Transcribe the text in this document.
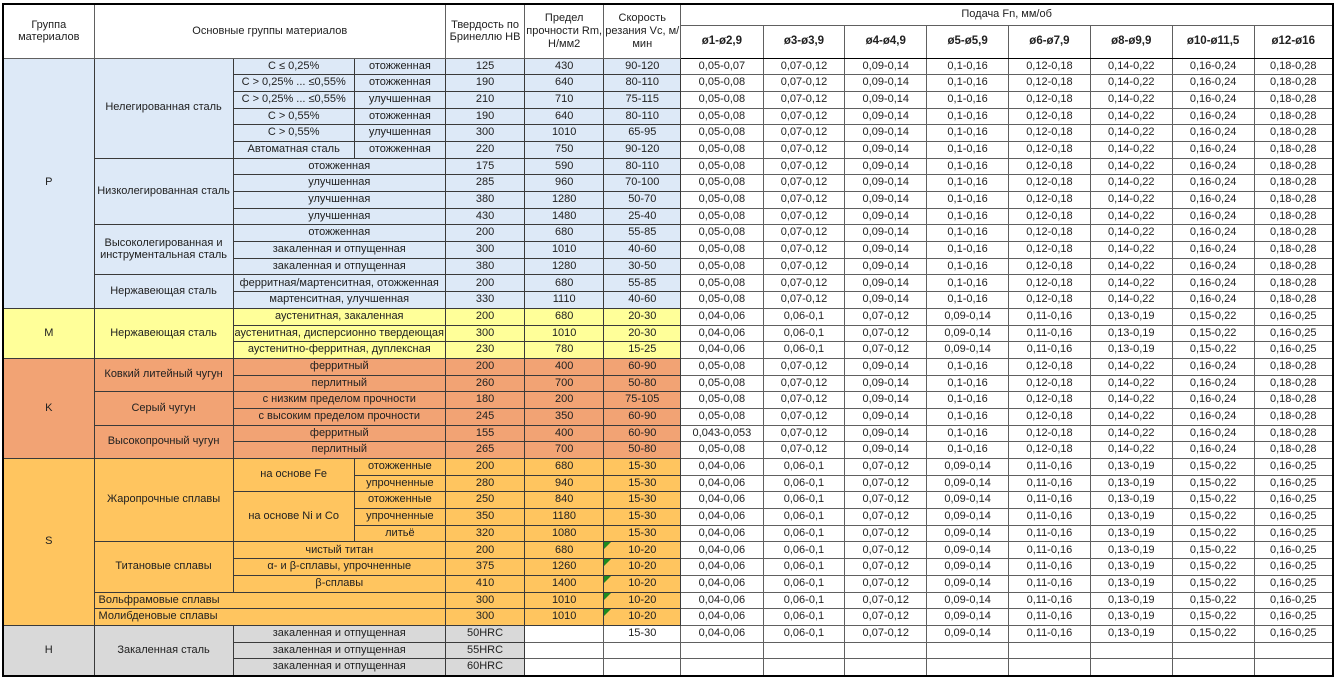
Группа материалов	Основные группы материалов			Твердость по Бринеллю НВ	Предел прочности Rm, Н/мм2	Скорость резания Vc, м/мин	Подача Fn, мм/об							
							ø1-ø2,9	ø3-ø3,9	ø4-ø4,9	ø5-ø5,9	ø6-ø7,9	ø8-ø9,9	ø10-ø11,5	ø12-ø16
P	Нелегированная сталь	C ≤ 0,25%	отожженная	125	430	90-120	0,05-0,07	0,07-0,12	0,09-0,14	0,1-0,16	0,12-0,18	0,14-0,22	0,16-0,24	0,18-0,28
		C > 0,25% ... ≤0,55%	отожженная	190	640	80-110	0,05-0,08	0,07-0,12	0,09-0,14	0,1-0,16	0,12-0,18	0,14-0,22	0,16-0,24	0,18-0,28
		C > 0,25% ... ≤0,55%	улучшенная	210	710	75-115	0,05-0,08	0,07-0,12	0,09-0,14	0,1-0,16	0,12-0,18	0,14-0,22	0,16-0,24	0,18-0,28
		C > 0,55%	отожженная	190	640	80-110	0,05-0,08	0,07-0,12	0,09-0,14	0,1-0,16	0,12-0,18	0,14-0,22	0,16-0,24	0,18-0,28
		C > 0,55%	улучшенная	300	1010	65-95	0,05-0,08	0,07-0,12	0,09-0,14	0,1-0,16	0,12-0,18	0,14-0,22	0,16-0,24	0,18-0,28
		Автоматная сталь	отожженная	220	750	90-120	0,05-0,08	0,07-0,12	0,09-0,14	0,1-0,16	0,12-0,18	0,14-0,22	0,16-0,24	0,18-0,28
	Низколегированная сталь	отожженная		175	590	80-110	0,05-0,08	0,07-0,12	0,09-0,14	0,1-0,16	0,12-0,18	0,14-0,22	0,16-0,24	0,18-0,28
		улучшенная		285	960	70-100	0,05-0,08	0,07-0,12	0,09-0,14	0,1-0,16	0,12-0,18	0,14-0,22	0,16-0,24	0,18-0,28
		улучшенная		380	1280	50-70	0,05-0,08	0,07-0,12	0,09-0,14	0,1-0,16	0,12-0,18	0,14-0,22	0,16-0,24	0,18-0,28
		улучшенная		430	1480	25-40	0,05-0,08	0,07-0,12	0,09-0,14	0,1-0,16	0,12-0,18	0,14-0,22	0,16-0,24	0,18-0,28
	Высоколегированная и инструментальная сталь	отожженная		200	680	55-85	0,05-0,08	0,07-0,12	0,09-0,14	0,1-0,16	0,12-0,18	0,14-0,22	0,16-0,24	0,18-0,28
		закаленная и отпущенная		300	1010	40-60	0,05-0,08	0,07-0,12	0,09-0,14	0,1-0,16	0,12-0,18	0,14-0,22	0,16-0,24	0,18-0,28
		закаленная и отпущенная		380	1280	30-50	0,05-0,08	0,07-0,12	0,09-0,14	0,1-0,16	0,12-0,18	0,14-0,22	0,16-0,24	0,18-0,28
	Нержавеющая сталь	ферритная/мартенситная, отожженная		200	680	55-85	0,05-0,08	0,07-0,12	0,09-0,14	0,1-0,16	0,12-0,18	0,14-0,22	0,16-0,24	0,18-0,28
		мартенситная, улучшенная		330	1110	40-60	0,05-0,08	0,07-0,12	0,09-0,14	0,1-0,16	0,12-0,18	0,14-0,22	0,16-0,24	0,18-0,28
M	Нержавеющая сталь	аустенитная, закаленная		200	680	20-30	0,04-0,06	0,06-0,1	0,07-0,12	0,09-0,14	0,11-0,16	0,13-0,19	0,15-0,22	0,16-0,25
		аустенитная, дисперсионно твердеющая		300	1010	20-30	0,04-0,06	0,06-0,1	0,07-0,12	0,09-0,14	0,11-0,16	0,13-0,19	0,15-0,22	0,16-0,25
		аустенитно-ферритная, дуплексная		230	780	15-25	0,04-0,06	0,06-0,1	0,07-0,12	0,09-0,14	0,11-0,16	0,13-0,19	0,15-0,22	0,16-0,25
K	Ковкий литейный чугун	ферритный		200	400	60-90	0,05-0,08	0,07-0,12	0,09-0,14	0,1-0,16	0,12-0,18	0,14-0,22	0,16-0,24	0,18-0,28
		перлитный		260	700	50-80	0,05-0,08	0,07-0,12	0,09-0,14	0,1-0,16	0,12-0,18	0,14-0,22	0,16-0,24	0,18-0,28
	Серый чугун	с низким пределом прочности		180	200	75-105	0,05-0,08	0,07-0,12	0,09-0,14	0,1-0,16	0,12-0,18	0,14-0,22	0,16-0,24	0,18-0,28
		с высоким пределом прочности		245	350	60-90	0,05-0,08	0,07-0,12	0,09-0,14	0,1-0,16	0,12-0,18	0,14-0,22	0,16-0,24	0,18-0,28
	Высокопрочный чугун	ферритный		155	400	60-90	0,043-0,053	0,07-0,12	0,09-0,14	0,1-0,16	0,12-0,18	0,14-0,22	0,16-0,24	0,18-0,28
		перлитный		265	700	50-80	0,05-0,08	0,07-0,12	0,09-0,14	0,1-0,16	0,12-0,18	0,14-0,22	0,16-0,24	0,18-0,28
S	Жаропрочные сплавы	на основе Fe	отожженные	200	680	15-30	0,04-0,06	0,06-0,1	0,07-0,12	0,09-0,14	0,11-0,16	0,13-0,19	0,15-0,22	0,16-0,25
			упрочненные	280	940	15-30	0,04-0,06	0,06-0,1	0,07-0,12	0,09-0,14	0,11-0,16	0,13-0,19	0,15-0,22	0,16-0,25
		на основе Ni и Co	отожженные	250	840	15-30	0,04-0,06	0,06-0,1	0,07-0,12	0,09-0,14	0,11-0,16	0,13-0,19	0,15-0,22	0,16-0,25
			упрочненные	350	1180	15-30	0,04-0,06	0,06-0,1	0,07-0,12	0,09-0,14	0,11-0,16	0,13-0,19	0,15-0,22	0,16-0,25
			литьё	320	1080	15-30	0,04-0,06	0,06-0,1	0,07-0,12	0,09-0,14	0,11-0,16	0,13-0,19	0,15-0,22	0,16-0,25
	Титановые сплавы	чистый титан		200	680	10-20	0,04-0,06	0,06-0,1	0,07-0,12	0,09-0,14	0,11-0,16	0,13-0,19	0,15-0,22	0,16-0,25
		α- и β-сплавы, упрочненные		375	1260	10-20	0,04-0,06	0,06-0,1	0,07-0,12	0,09-0,14	0,11-0,16	0,13-0,19	0,15-0,22	0,16-0,25
		β-сплавы		410	1400	10-20	0,04-0,06	0,06-0,1	0,07-0,12	0,09-0,14	0,11-0,16	0,13-0,19	0,15-0,22	0,16-0,25
	Вольфрамовые сплавы			300	1010	10-20	0,04-0,06	0,06-0,1	0,07-0,12	0,09-0,14	0,11-0,16	0,13-0,19	0,15-0,22	0,16-0,25
	Молибденовые сплавы			300	1010	10-20	0,04-0,06	0,06-0,1	0,07-0,12	0,09-0,14	0,11-0,16	0,13-0,19	0,15-0,22	0,16-0,25
H	Закаленная сталь	закаленная и отпущенная		50HRC		15-30	0,04-0,06	0,06-0,1	0,07-0,12	0,09-0,14	0,11-0,16	0,13-0,19	0,15-0,22	0,16-0,25
		закаленная и отпущенная		55HRC										
		закаленная и отпущенная		60HRC										
